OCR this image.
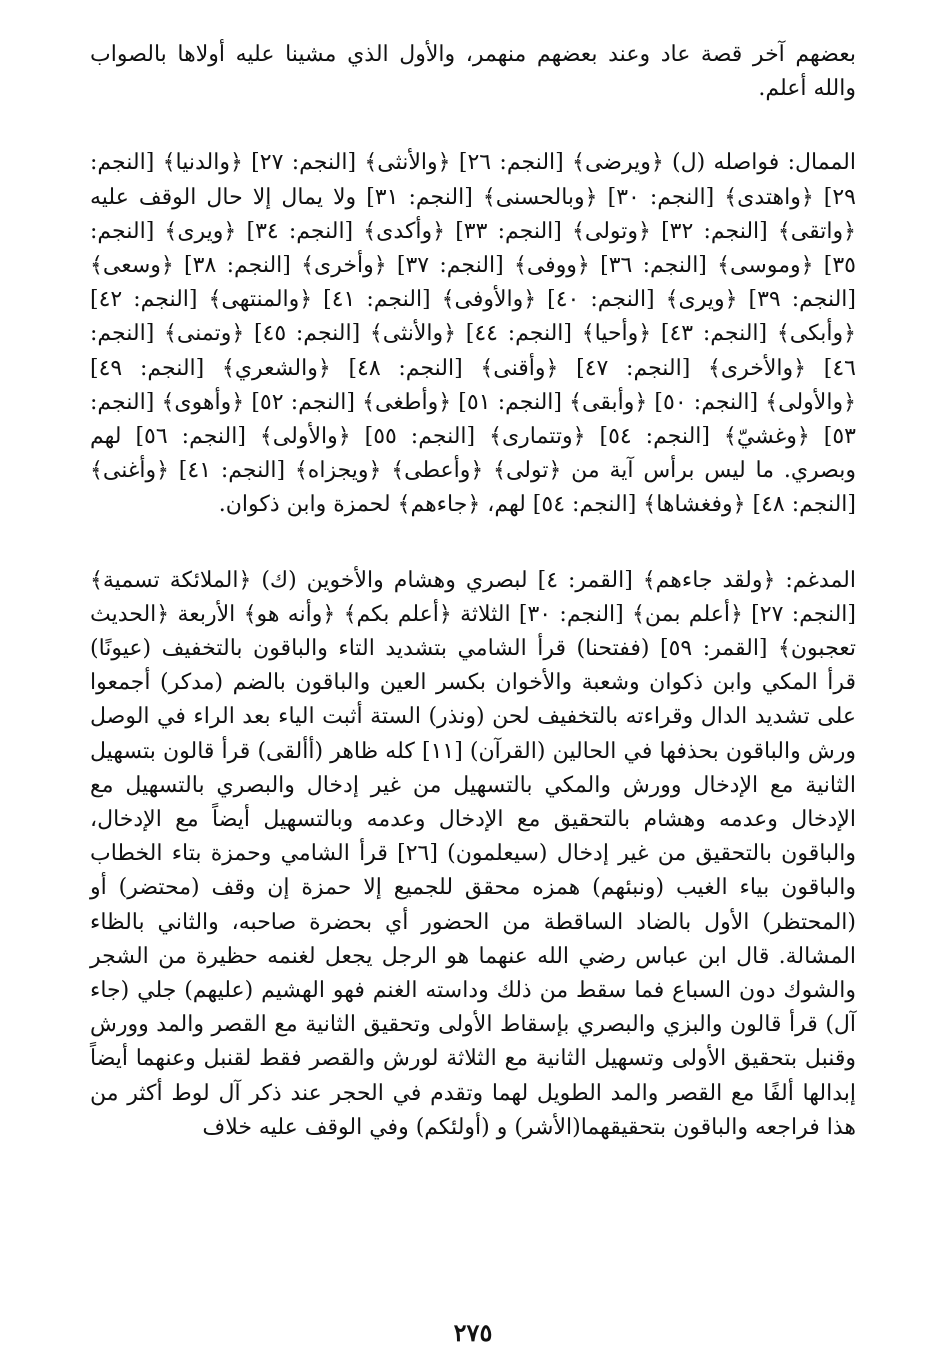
بعضهم آخر قصة عاد وعند بعضهم منهمر، والأول الذي مشينا عليه أولاها بالصواب والله أعلم.

الممال: فواصله (ل) ﴿ويرضى﴾ [النجم: ٢٦] ﴿والأنثى﴾ [النجم: ٢٧] ﴿والدنيا﴾ [النجم: ٢٩] ﴿واهتدى﴾ [النجم: ٣٠] ﴿وبالحسنى﴾ [النجم: ٣١] ولا يمال إلا حال الوقف عليه ﴿واتقى﴾ [النجم: ٣٢] ﴿وتولى﴾ [النجم: ٣٣] ﴿وأكدى﴾ [النجم: ٣٤] ﴿ويرى﴾ [النجم: ٣٥] ﴿وموسى﴾ [النجم: ٣٦] ﴿ووفى﴾ [النجم: ٣٧] ﴿وأخرى﴾ [النجم: ٣٨] ﴿وسعى﴾ [النجم: ٣٩] ﴿ويرى﴾ [النجم: ٤٠] ﴿والأوفى﴾ [النجم: ٤١] ﴿والمنتهى﴾ [النجم: ٤٢] ﴿وأبكى﴾ [النجم: ٤٣] ﴿وأحيا﴾ [النجم: ٤٤] ﴿والأنثى﴾ [النجم: ٤٥] ﴿وتمنى﴾ [النجم: ٤٦] ﴿والأخرى﴾ [النجم: ٤٧] ﴿وأقنى﴾ [النجم: ٤٨] ﴿والشعري﴾ [النجم: ٤٩] ﴿والأولى﴾ [النجم: ٥٠] ﴿وأبقى﴾ [النجم: ٥١] ﴿وأطغى﴾ [النجم: ٥٢] ﴿وأهوى﴾ [النجم: ٥٣] ﴿وغشيّ﴾ [النجم: ٥٤] ﴿وتتمارى﴾ [النجم: ٥٥] ﴿والأولى﴾ [النجم: ٥٦] لهم وبصري. ما ليس برأس آية من ﴿تولى﴾ ﴿وأعطى﴾ ﴿ويجزاه﴾ [النجم: ٤١] ﴿وأغنى﴾ [النجم: ٤٨] ﴿وفغشاها﴾ [النجم: ٥٤] لهم، ﴿جاءهم﴾ لحمزة وابن ذكوان.

المدغم: ﴿ولقد جاءهم﴾ [القمر: ٤] لبصري وهشام والأخوين (ك) ﴿الملائكة تسمية﴾ [النجم: ٢٧] ﴿أعلم بمن﴾ [النجم: ٣٠] الثلاثة ﴿أعلم بكم﴾ ﴿وأنه هو﴾ الأربعة ﴿الحديث تعجبون﴾ [القمر: ٥٩] (ففتحنا) قرأ الشامي بتشديد التاء والباقون بالتخفيف (عيونًا) قرأ المكي وابن ذكوان وشعبة والأخوان بكسر العين والباقون بالضم (مدكر) أجمعوا على تشديد الدال وقراءته بالتخفيف لحن (ونذر) الستة أثبت الياء بعد الراء في الوصل ورش والباقون بحذفها في الحالين (القرآن) [١١] كله ظاهر (أألقى) قرأ قالون بتسهيل الثانية مع الإدخال وورش والمكي بالتسهيل من غير إدخال والبصري بالتسهيل مع الإدخال وعدمه وهشام بالتحقيق مع الإدخال وعدمه وبالتسهيل أيضاً مع الإدخال، والباقون بالتحقيق من غير إدخال (سيعلمون) [٢٦] قرأ الشامي وحمزة بتاء الخطاب والباقون بياء الغيب (ونبئهم) همزه محقق للجميع إلا حمزة إن وقف (محتضر) أو (المحتظر) الأول بالضاد الساقطة من الحضور أي بحضرة صاحبه، والثاني بالظاء المشالة. قال ابن عباس رضي الله عنهما هو الرجل يجعل لغنمه حظيرة من الشجر والشوك دون السباع فما سقط من ذلك وداسته الغنم فهو الهشيم (عليهم) جلي (جاء آل) قرأ قالون والبزي والبصري بإسقاط الأولى وتحقيق الثانية مع القصر والمد وورش وقنبل بتحقيق الأولى وتسهيل الثانية مع الثلاثة لورش والقصر فقط لقنبل وعنهما أيضاً إبدالها ألفًا مع القصر والمد الطويل لهما وتقدم في الحجر عند ذكر آل لوط أكثر من هذا فراجعه والباقون بتحقيقهما(الأشر) و (أولئكم) وفي الوقف عليه خلاف

٢٧٥
